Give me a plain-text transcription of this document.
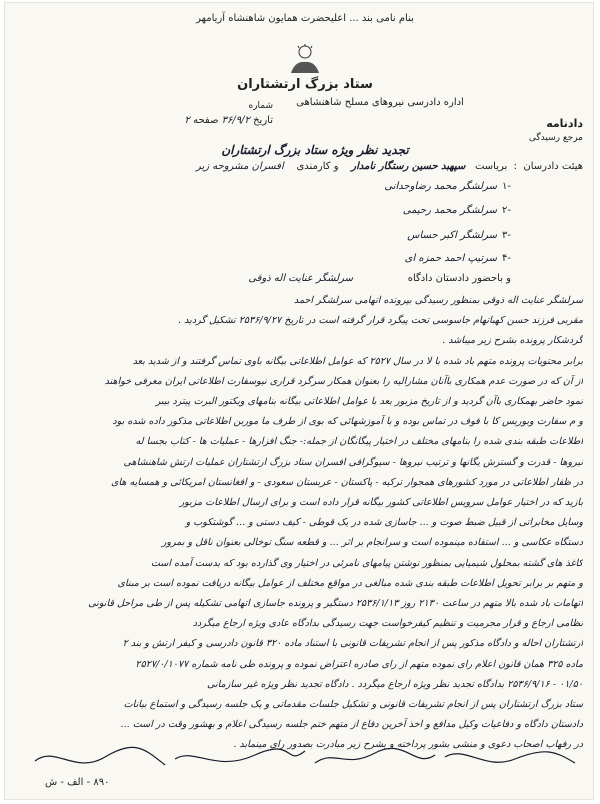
بنام نامی بند ... اعلیحضرت همایون شاهنشاه آریامهر
ستاد بزرگ ارتشتاران
اداره دادرسی نیروهای مسلح شاهنشاهی
شماره
تاریخ ۳۶/۹/۲ صفحه ۲	دادنامه
مرجع رسیدگی
تجدید نظر ویژه ستاد بزرگ ارتشتاران
هیئت دادرسان  :  بریاست   سپهبد حسین رستگار نامدار    و کارمندی    افسران مشروحه زیر
۱-
سرلشگر محمد رضاوحدانی
۲-
سرلشگر محمد رحیمی
۳-
سرلشگر اکبر حساس
۴-
سرتیپ احمد حمزه ای
و باحضور دادستان دادگاه
سرلشگر عنایت اله ذوقی

سرلشگر عنایت اله ذوقی بمنظور رسیدگی بپرونده اتهامی سرلشگر احمد

مقربی فرزند حسن کهباتهام جاسوسی تحت پیگرد قرار گرفته است در تاریخ ۲۵۳۶/۹/۲۷ تشکیل گردید .

گردشکار پرونده بشرح زیر میباشد .

برابر محتویات پرونده متهم باد شده با لا در سال ۲۵۲۷ که عوامل اطلاعاتی بیگانه باوی تماس گرفتند و از شدید بعد

از آن که در صورت عدم همکاری باآنان مشارالیه را بعنوان همکار سرگرد قراری نیوسفارت اطلاعاتی ایران معرفی خواهند

نمود حاضر بهمکاری باآن گردید و از تاریخ مزبور بعد با عوامل اطلاعاتی بیگانه بنامهای ویکتور البرت پیترد بیبر

و م سفارت وبوریس کا با فوف در تماس بوده و با آموزشهائی که بوی از طرف ما موربن اطلاعاتی مذکور داده شده بود

اطلاعات طبقه بندی شده را بنامهای مختلف در اختیار پیگانگان از جمله:- جنگ افزارها - عملیات ها - کتاب بجسا له

نیروها - قدرت و گسترش یگانها و ترتیب نیروها - سیوگرافی افسران ستاد بزرگ ارتشتاران عملیات ارتش شاهنشاهی

در ظفار اطلاعاتی در مورد کشورهای همجوار ترکیه - پاکستان - عربستان سعودی - و افغانستان امریکائی و همسایه های

بازید که در اختیار عوامل سرویس اطلاعاتی کشور بیگانه قرار داده است و برای ارسال اطلاعات مزبور

وسایل مخابراتی از قبیل ضبط صوت و ... جاسازی شده در یک قوطی - کیف دستی و ... گوشتکوب و

دستگاه عکاسی و ... استفاده مینموده است و سرانجام بر اثر ... و قطعه سنگ توخالی بعنوان ناقل و بمرور

کاغذ های گشته بمحلول شیمیایی بمنظور نوشتن پیامهای نامرئی در اختیار وی گذارده بود که بدست آمده است

و متهم بر برابر تحویل اطلاعات طبقه بندی شده مبالغی در مواقع مختلف از عوامل بیگانه دریافت نموده است بر مبنای

اتهامات باد شده بالا متهم در ساعت ۲۱۳۰ روز ۲۵۳۶/۱/۱۳ دستگیر و پرونده جاسازی اتهامی تشکیله پس از طی مراحل قانونی

نظامی ارجاع و قرار مجرمیت و تنظیم کیفرخواست جهت رسیدگی بدادگاه عادی ویژه ارجاع میگردد

ارتشتاران احاله و دادگاه مذکور پس از انجام تشریفات قانونی با استناد ماده ۳۲۰ قانون دادرسی و کیفر ارتش و بند ۲

ماده ۳۲۵ همان قانون اعلام رای نموده متهم از رای صادره اعتراض نموده و پرونده طی نامه شماره ۲۵۲۷/۰/۱۰۷۷

۰۱/۵۰ - ۲۵۳۶/۹/۱۶ بدادگاه تجدید نظر ویژه ارجاع میگردد . دادگاه تجدید نظر ویژه غیر سازمانی

ستاد بزرگ ارتشتاران پس از انجام تشریفات قانونی و تشکیل جلسات مقدماتی و یک جلسه رسیدگی و استماع بیانات

دادستان دادگاه و دفاعیات وکیل مدافع و اخذ آخرین دفاع از متهم ختم جلسه رسیدگی اعلام و بهشور وقت در است ...

در رفهاب اصحاب دعوی و منشی بشور پرداخته و بشرح زیر مبادرت بصدور رای مینمابد .

۸۹۰ - الف - ش
